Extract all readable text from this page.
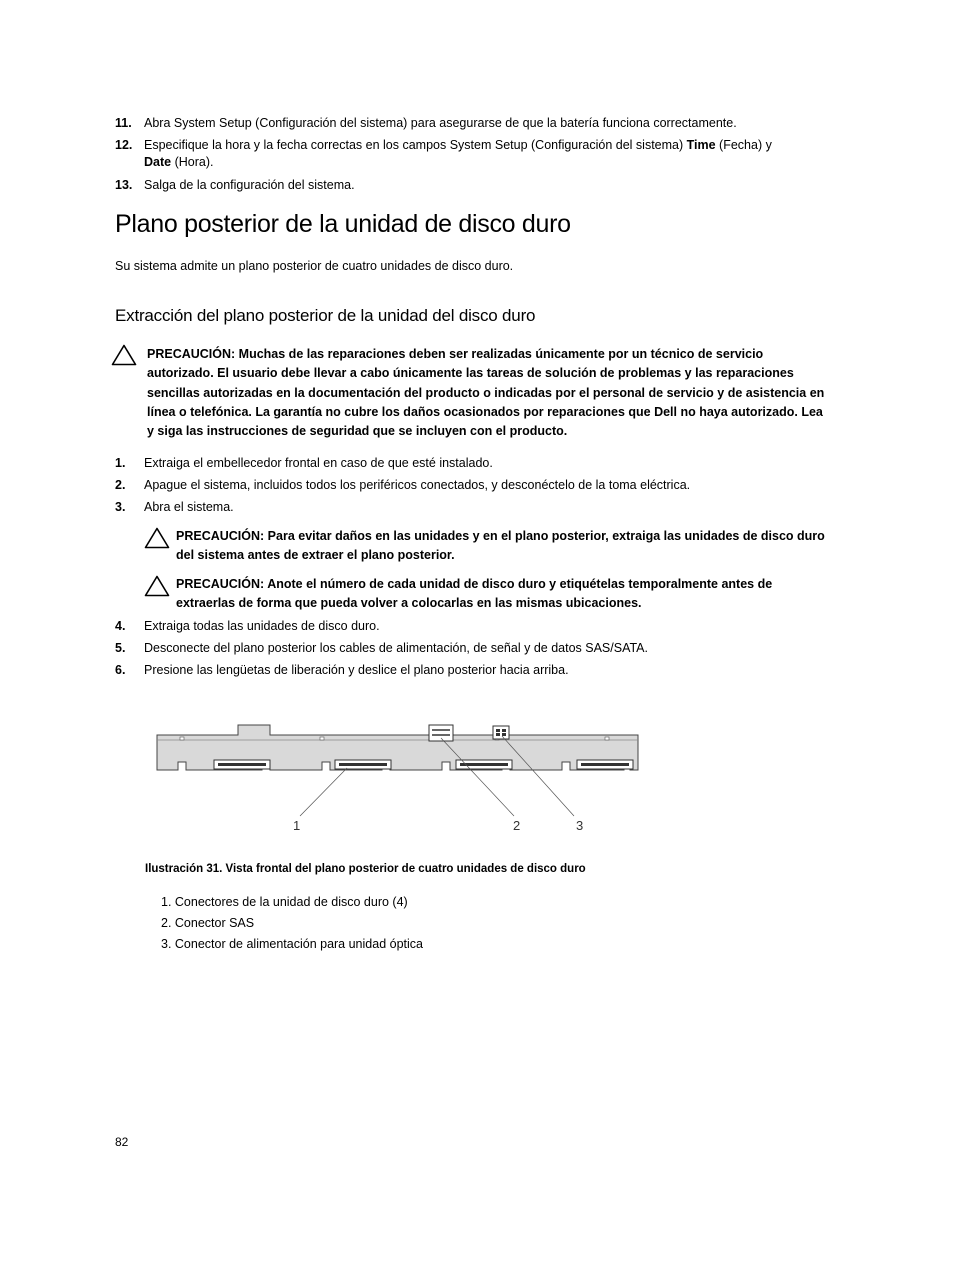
11. Abra System Setup (Configuración del sistema) para asegurarse de que la batería funciona correctamente.
12. Especifique la hora y la fecha correctas en los campos System Setup (Configuración del sistema) Time (Fecha) y
Date (Hora).
13. Salga de la configuración del sistema.
Plano posterior de la unidad de disco duro
Su sistema admite un plano posterior de cuatro unidades de disco duro.
Extracción del plano posterior de la unidad del disco duro
PRECAUCIÓN: Muchas de las reparaciones deben ser realizadas únicamente por un técnico de servicio
autorizado. El usuario debe llevar a cabo únicamente las tareas de solución de problemas y las reparaciones
sencillas autorizadas en la documentación del producto o indicadas por el personal de servicio y de asistencia en
línea o telefónica. La garantía no cubre los daños ocasionados por reparaciones que Dell no haya autorizado. Lea
y siga las instrucciones de seguridad que se incluyen con el producto.
1. Extraiga el embellecedor frontal en caso de que esté instalado.
2. Apague el sistema, incluidos todos los periféricos conectados, y desconéctelo de la toma eléctrica.
3. Abra el sistema.
PRECAUCIÓN: Para evitar daños en las unidades y en el plano posterior, extraiga las unidades de disco duro
del sistema antes de extraer el plano posterior.
PRECAUCIÓN: Anote el número de cada unidad de disco duro y etiquételas temporalmente antes de
extraerlas de forma que pueda volver a colocarlas en las mismas ubicaciones.
4. Extraiga todas las unidades de disco duro.
5. Desconecte del plano posterior los cables de alimentación, de señal y de datos SAS/SATA.
6. Presione las lengüetas de liberación y deslice el plano posterior hacia arriba.
1	2	3
Ilustración 31. Vista frontal del plano posterior de cuatro unidades de disco duro
1. Conectores de la unidad de disco duro (4)
2. Conector SAS
3. Conector de alimentación para unidad óptica
82
